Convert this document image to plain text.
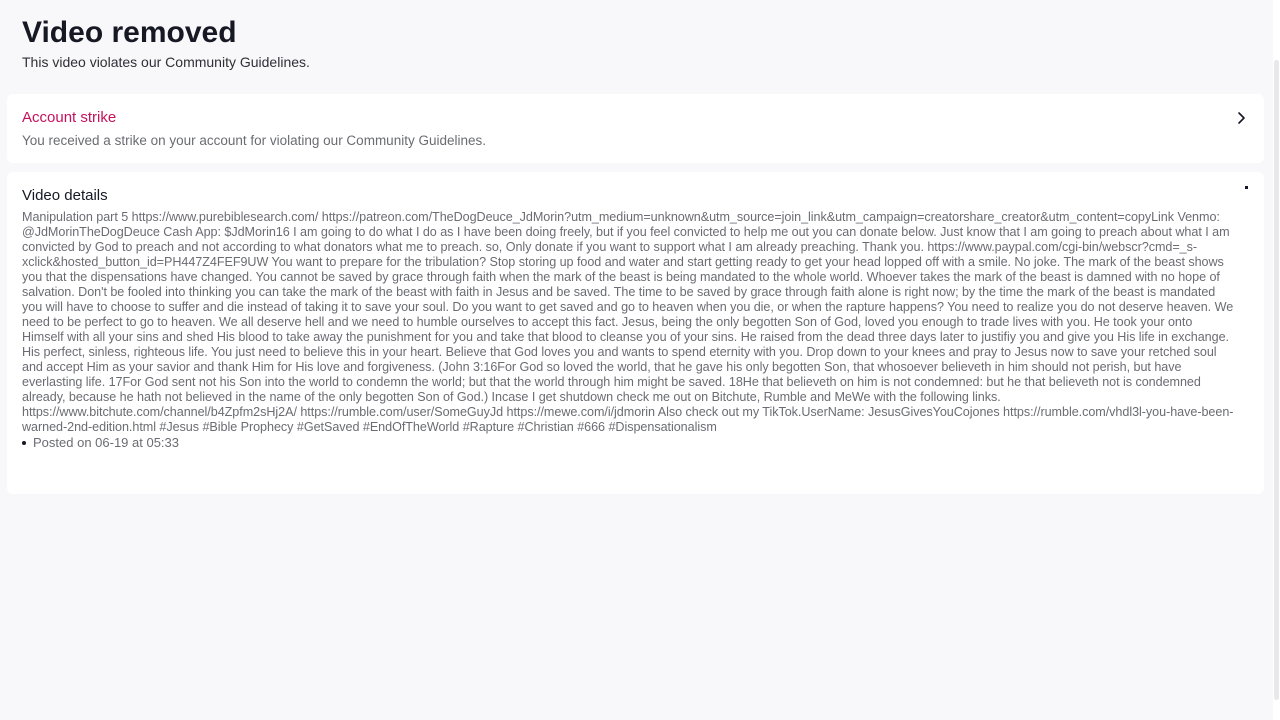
Video removed
This video violates our Community Guidelines.
Account strike
You received a strike on your account for violating our Community Guidelines.
Video details
Manipulation part 5 https://www.purebiblesearch.com/ https://patreon.com/TheDogDeuce_JdMorin?utm_medium=unknown&utm_source=join_link&utm_campaign=creatorshare_creator&utm_content=copyLink Venmo: @JdMorinTheDogDeuce Cash App: $JdMorin16 I am going to do what I do as I have been doing freely, but if you feel convicted to help me out you can donate below. Just know that I am going to preach about what I am convicted by God to preach and not according to what donators what me to preach. so, Only donate if you want to support what I am already preaching. Thank you. https://www.paypal.com/cgi-bin/webscr?cmd=_s-xclick&hosted_button_id=PH447Z4FEF9UW You want to prepare for the tribulation? Stop storing up food and water and start getting ready to get your head lopped off with a smile. No joke. The mark of the beast shows you that the dispensations have changed. You cannot be saved by grace through faith when the mark of the beast is being mandated to the whole world. Whoever takes the mark of the beast is damned with no hope of salvation. Don't be fooled into thinking you can take the mark of the beast with faith in Jesus and be saved. The time to be saved by grace through faith alone is right now; by the time the mark of the beast is mandated you will have to choose to suffer and die instead of taking it to save your soul. Do you want to get saved and go to heaven when you die, or when the rapture happens? You need to realize you do not deserve heaven. We need to be perfect to go to heaven. We all deserve hell and we need to humble ourselves to accept this fact. Jesus, being the only begotten Son of God, loved you enough to trade lives with you. He took your onto Himself with all your sins and shed His blood to take away the punishment for you and take that blood to cleanse you of your sins. He raised from the dead three days later to justifiy you and give you His life in exchange. His perfect, sinless, righteous life. You just need to believe this in your heart. Believe that God loves you and wants to spend eternity with you. Drop down to your knees and pray to Jesus now to save your retched soul and accept Him as your savior and thank Him for His love and forgiveness. (John 3:16For God so loved the world, that he gave his only begotten Son, that whosoever believeth in him should not perish, but have everlasting life. 17For God sent not his Son into the world to condemn the world; but that the world through him might be saved. 18He that believeth on him is not condemned: but he that believeth not is condemned already, because he hath not believed in the name of the only begotten Son of God.) Incase I get shutdown check me out on Bitchute, Rumble and MeWe with the following links. https://www.bitchute.com/channel/b4Zpfm2sHj2A/ https://rumble.com/user/SomeGuyJd https://mewe.com/i/jdmorin Also check out my TikTok.UserName: JesusGivesYouCojones https://rumble.com/vhdl3l-you-have-been-warned-2nd-edition.html #Jesus #Bible Prophecy #GetSaved #EndOfTheWorld #Rapture #Christian #666 #Dispensationalism
Posted on 06-19 at 05:33
